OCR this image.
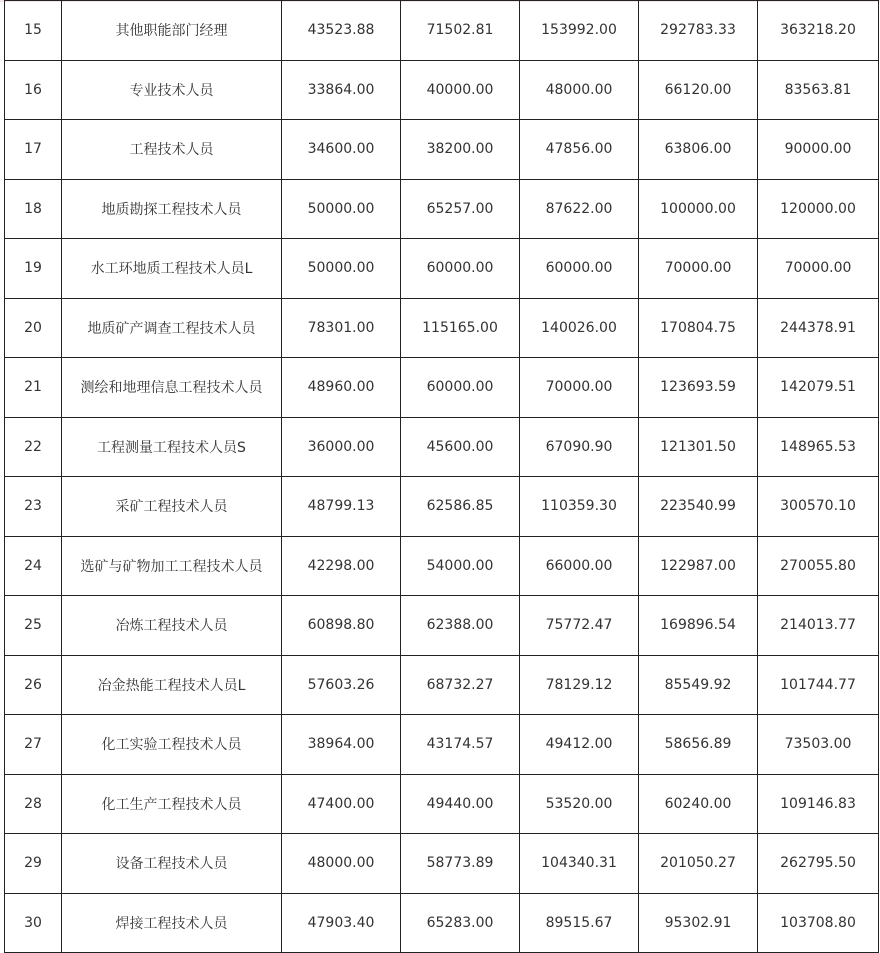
15	其他职能部门经理	43523.88	71502.81	153992.00	292783.33	363218.20
16	专业技术人员	33864.00	40000.00	48000.00	66120.00	83563.81
17	工程技术人员	34600.00	38200.00	47856.00	63806.00	90000.00
18	地质勘探工程技术人员	50000.00	65257.00	87622.00	100000.00	120000.00
19	水工环地质工程技术人员L	50000.00	60000.00	60000.00	70000.00	70000.00
20	地质矿产调查工程技术人员	78301.00	115165.00	140026.00	170804.75	244378.91
21	测绘和地理信息工程技术人员	48960.00	60000.00	70000.00	123693.59	142079.51
22	工程测量工程技术人员S	36000.00	45600.00	67090.90	121301.50	148965.53
23	采矿工程技术人员	48799.13	62586.85	110359.30	223540.99	300570.10
24	选矿与矿物加工工程技术人员	42298.00	54000.00	66000.00	122987.00	270055.80
25	冶炼工程技术人员	60898.80	62388.00	75772.47	169896.54	214013.77
26	冶金热能工程技术人员L	57603.26	68732.27	78129.12	85549.92	101744.77
27	化工实验工程技术人员	38964.00	43174.57	49412.00	58656.89	73503.00
28	化工生产工程技术人员	47400.00	49440.00	53520.00	60240.00	109146.83
29	设备工程技术人员	48000.00	58773.89	104340.31	201050.27	262795.50
30	焊接工程技术人员	47903.40	65283.00	89515.67	95302.91	103708.80
